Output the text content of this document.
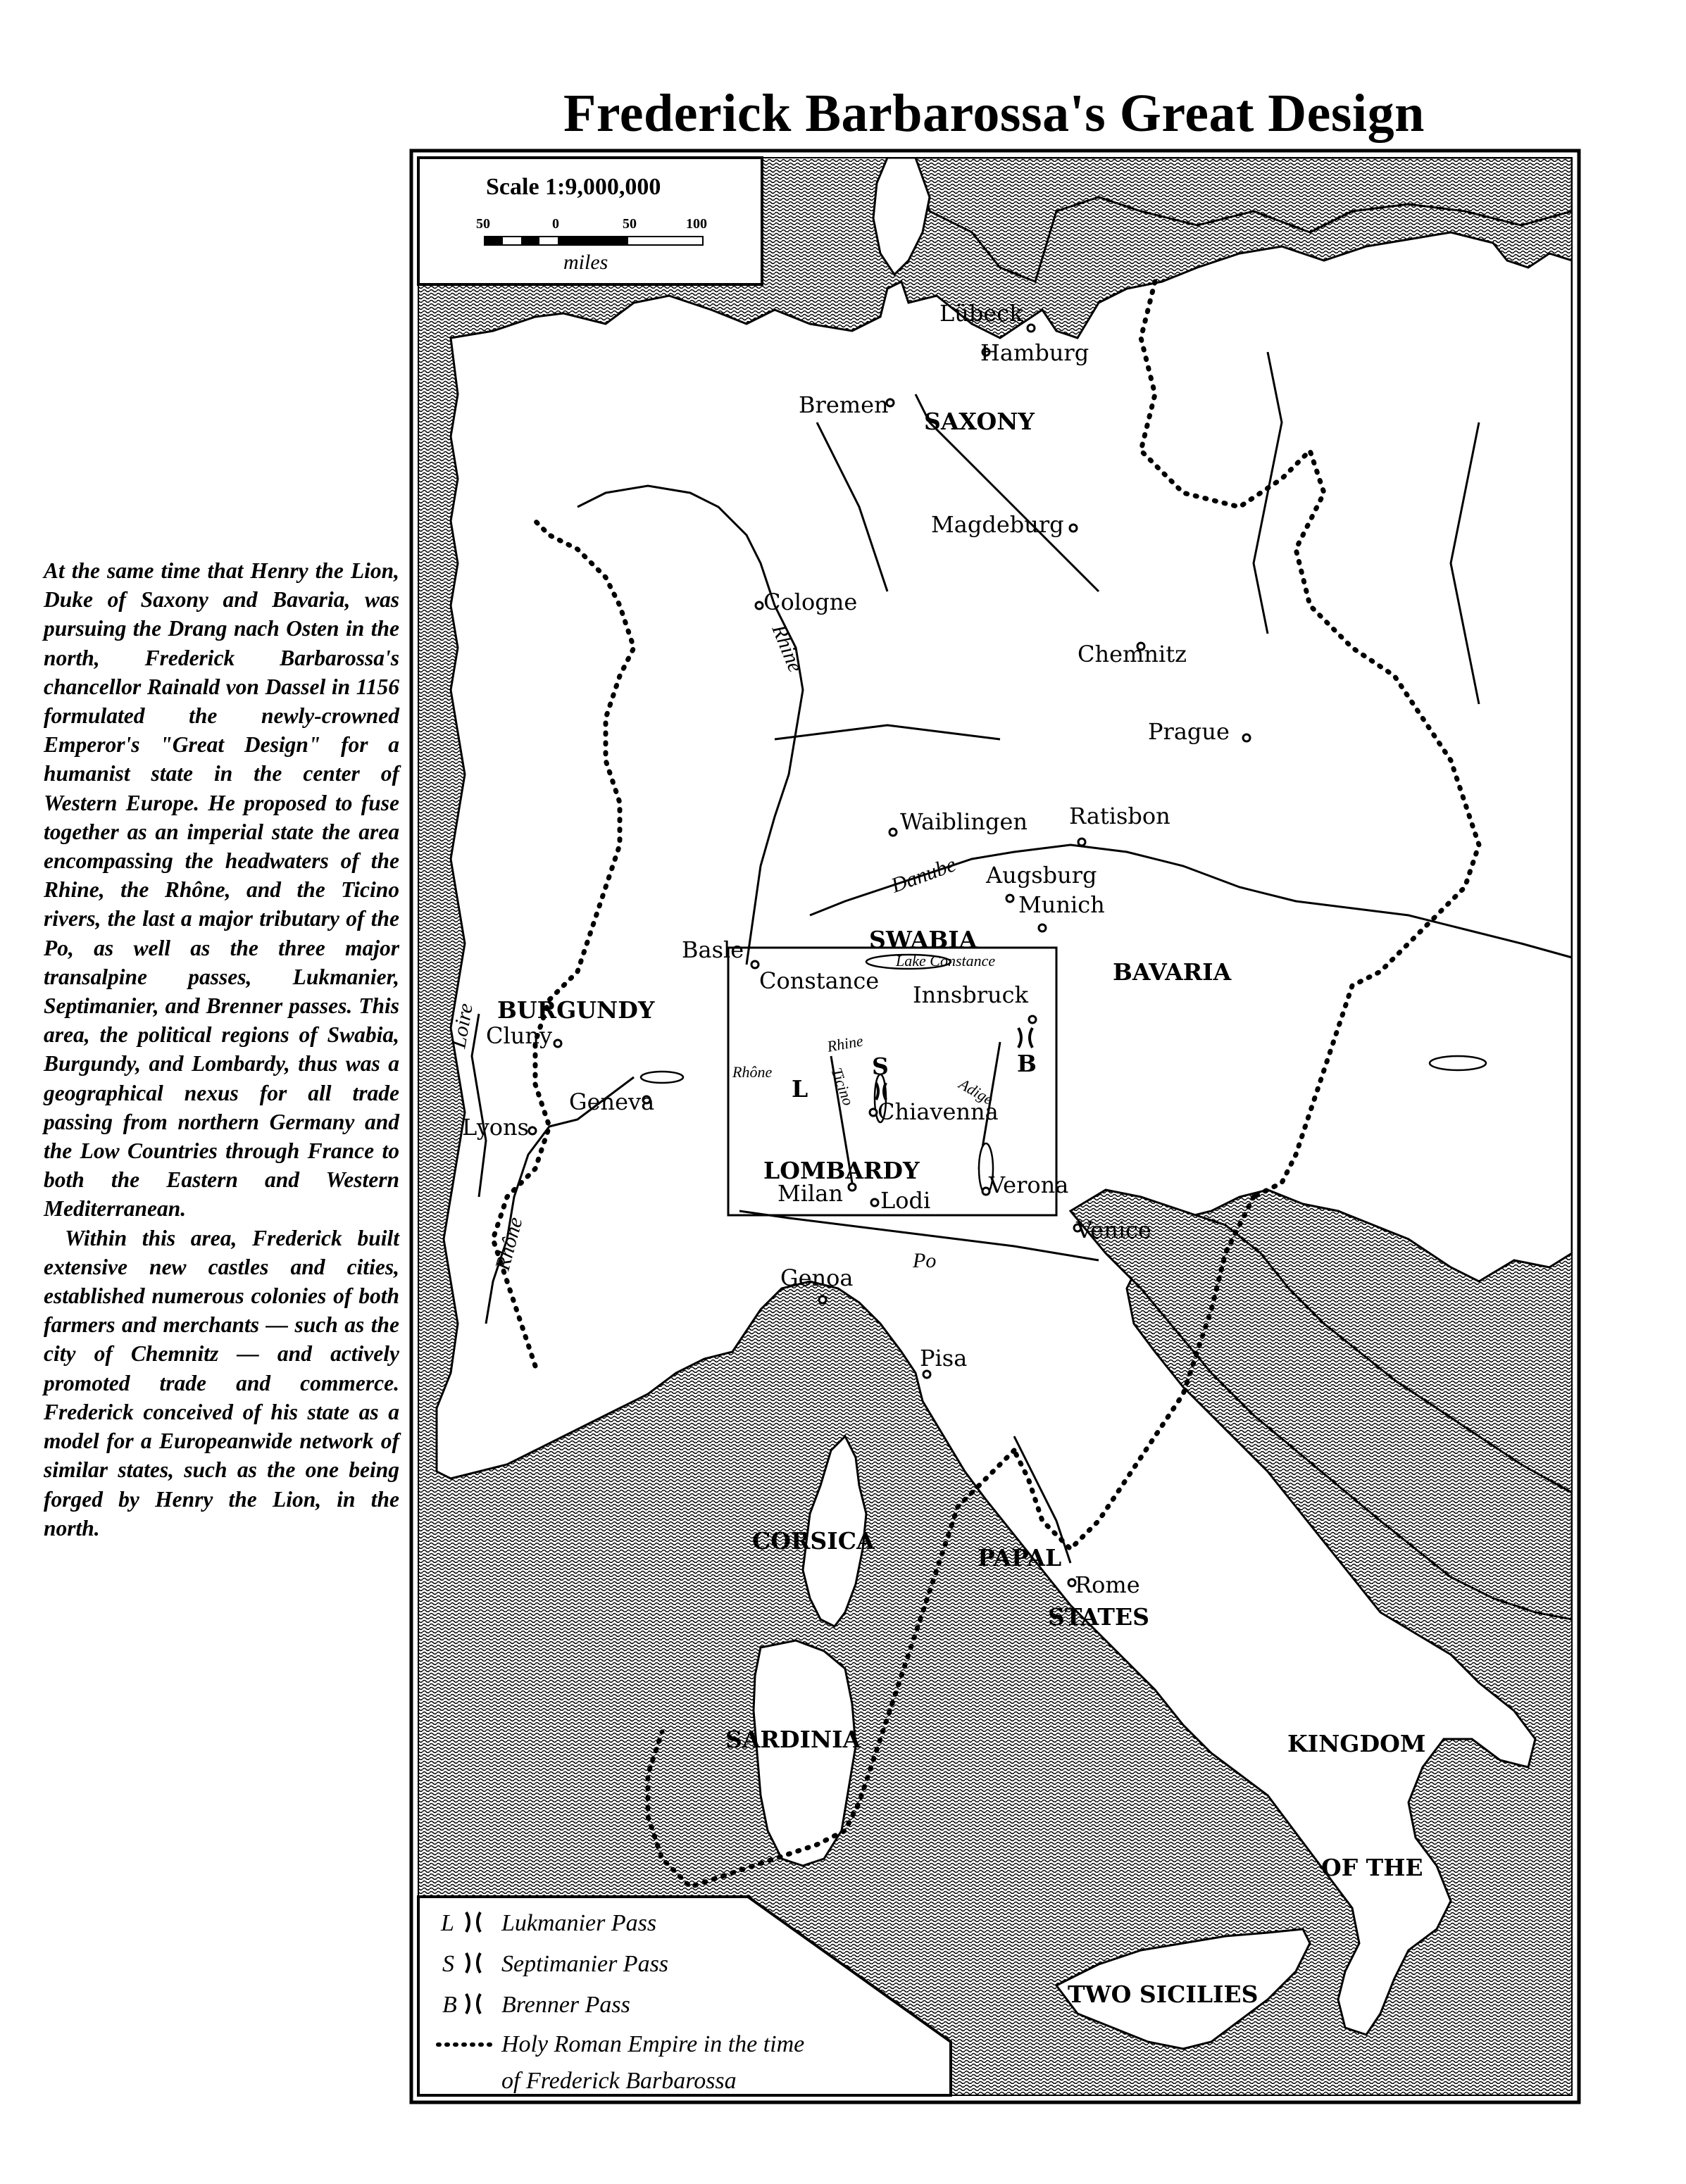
Frederick Barbarossa's Great Design

At the same time that Henry the Lion, Duke of Saxony and Bavaria, was pursuing the Drang nach Osten in the north, Frederick Barbarossa's chancellor Rainald von Dassel in 1156 formulated the newly-crowned Emperor's "Great Design" for a humanist state in the center of Western Europe. He proposed to fuse together as an imperial state the area encompassing the headwaters of the Rhine, the Rhône, and the Ticino rivers, the last a major tributary of the Po, as well as the three major transalpine passes, Lukmanier, Septimanier, and Brenner passes. This area, the political regions of Swabia, Burgundy, and Lombardy, thus was a geographical nexus for all trade passing from northern Germany and the Low Countries through France to both the Eastern and Western Mediterranean.

Within this area, Frederick built extensive new castles and cities, established numerous colonies of both farmers and merchants — such as the city of Chemnitz — and actively promoted trade and commerce. Frederick conceived of his state as a model for a Europeanwide network of similar states, such as the one being forged by Henry the Lion, in the north.

Scale 1:9,000,000
50	0	50	100
miles
Lübeck
Hamburg
Bremen
Magdeburg
Cologne
Chemnitz
Prague
Waiblingen Ratisbon
Augsburg
Munich
Basle
Constance
Innsbruck
Cluny
Geneva
Lyons
Chiavenna
Milan Lodi
Verona
Venice
Genoa
Pisa
Rome
SAXONY
SWABIA
BAVARIA
BURGUNDY
LOMBARDY
CORSICA
PAPAL
STATES
SARDINIA	KINGDOM
OF THE
TWO SICILIES
Rhine
Danube
Lake Constance
Rhine
Rhône	Ticino	Adige
Po
Loire
Rhône
L
S	B
L Lukmanier Pass
S Septimanier Pass
B Brenner Pass
Holy Roman Empire in the time
of Frederick Barbarossa
